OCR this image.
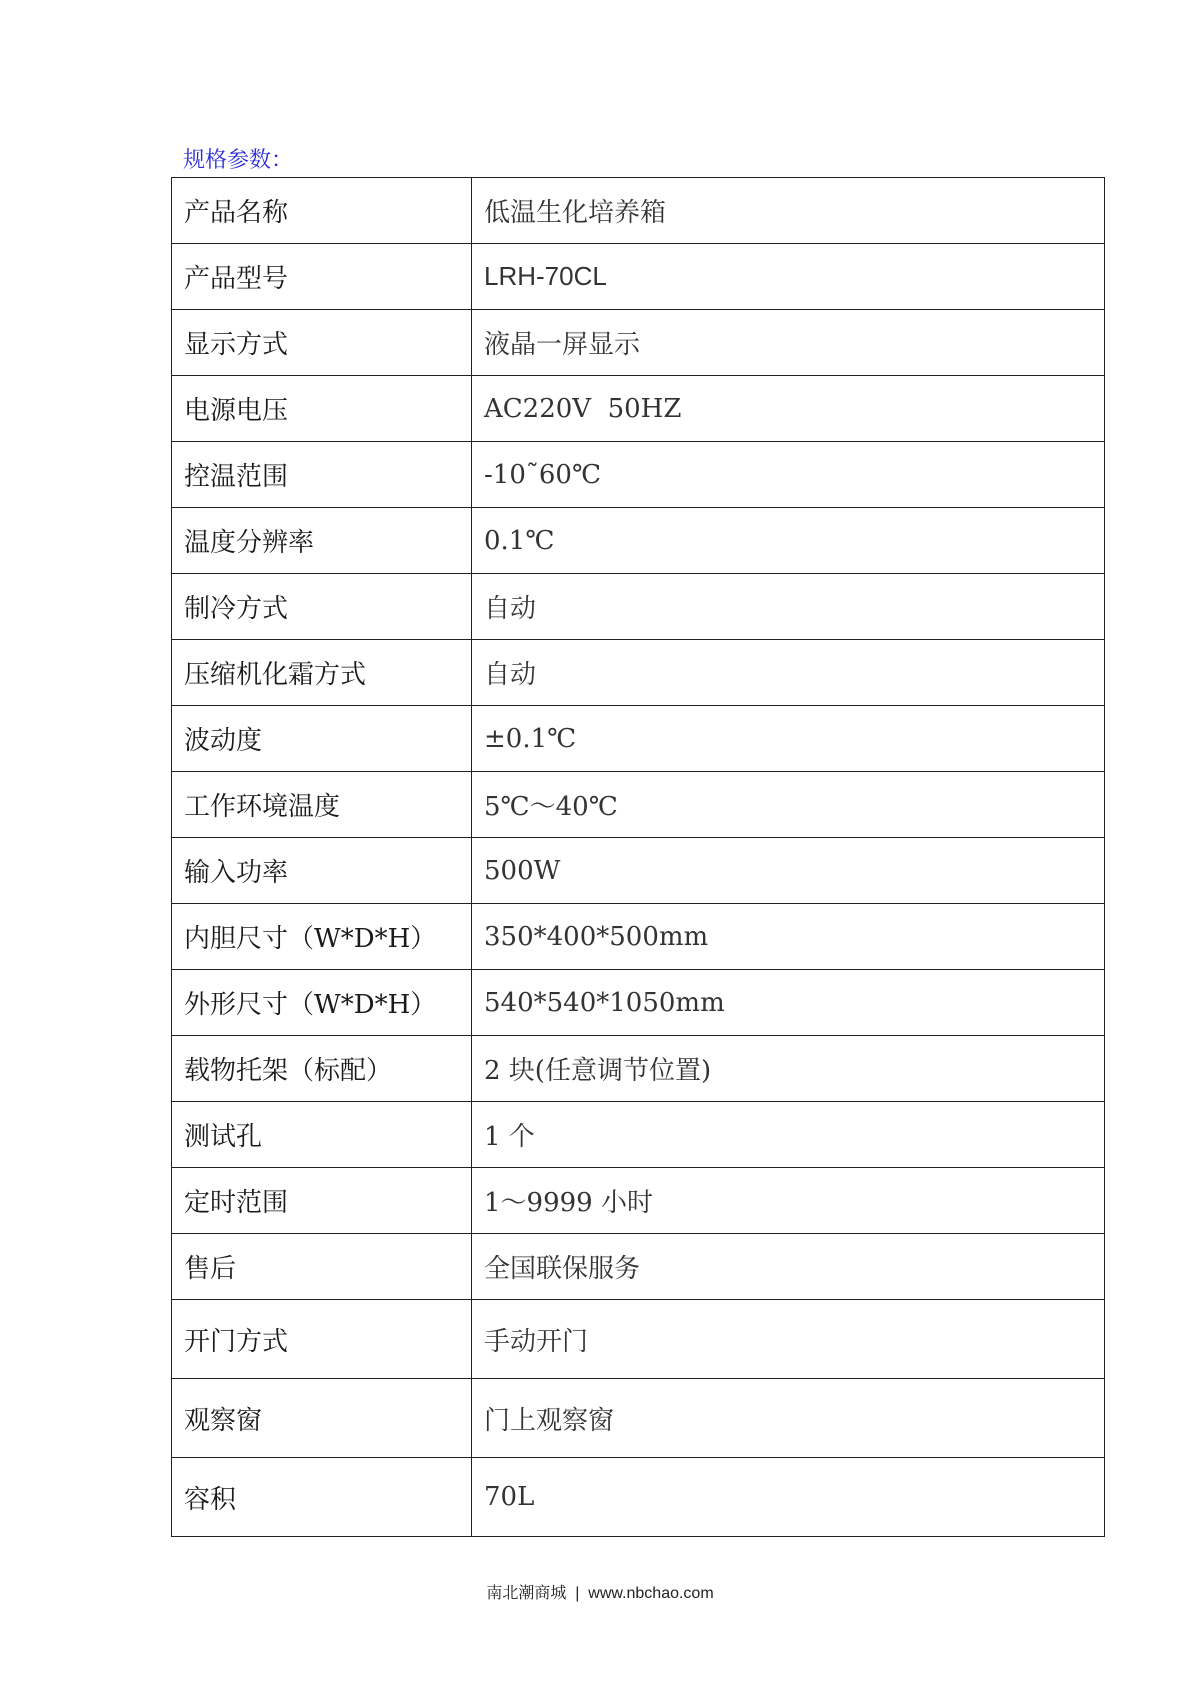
规格参数：
产品名称	低温生化培养箱
产品型号	LRH-70CL
显示方式	液晶一屏显示
电源电压	AC220V  50HZ
控温范围	-10˜60℃
温度分辨率	0.1℃
制冷方式	自动
压缩机化霜方式	自动
波动度	±0.1℃
工作环境温度	5℃～40℃
输入功率	500W
内胆尺寸（W*D*H）	350*400*500mm
外形尺寸（W*D*H）	540*540*1050mm
载物托架（标配）	2 块(任意调节位置)
测试孔	1 个
定时范围	1～9999 小时
售后	全国联保服务
开门方式	手动开门
观察窗	门上观察窗
容积	70L
南北潮商城  |  www.nbchao.com
